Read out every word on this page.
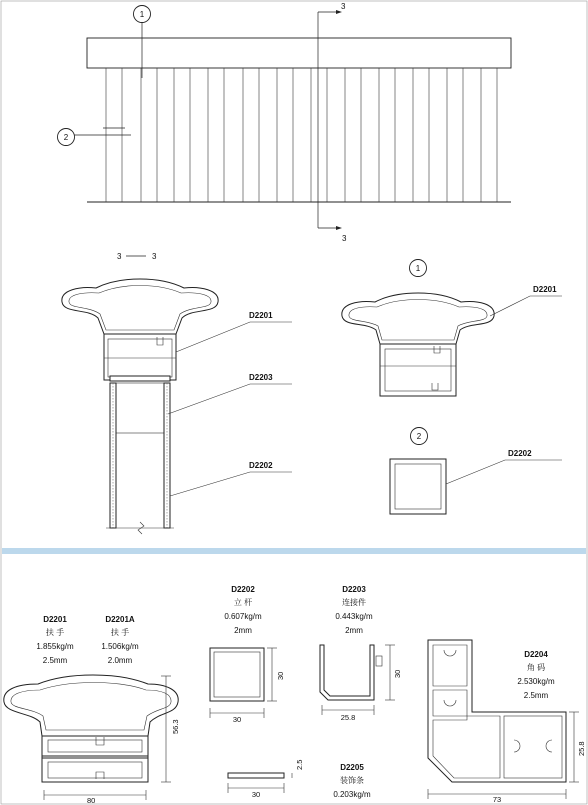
3
3
1
2
3	3
D2201
D2203
D2202
1
D2201
2
D2202
D2201
扶 手
1.855kg/m
2.5mm
D2201A
扶 手
1.506kg/m
2.0mm
80
56.3
D2202
立 杆
0.607kg/m
2mm
30
30
D2203
连接件
0.443kg/m
2mm
25.8
30
30
2.5	D2205
装饰条
0.203kg/m
D2204
角 码
2.530kg/m
2.5mm
73
25.8
